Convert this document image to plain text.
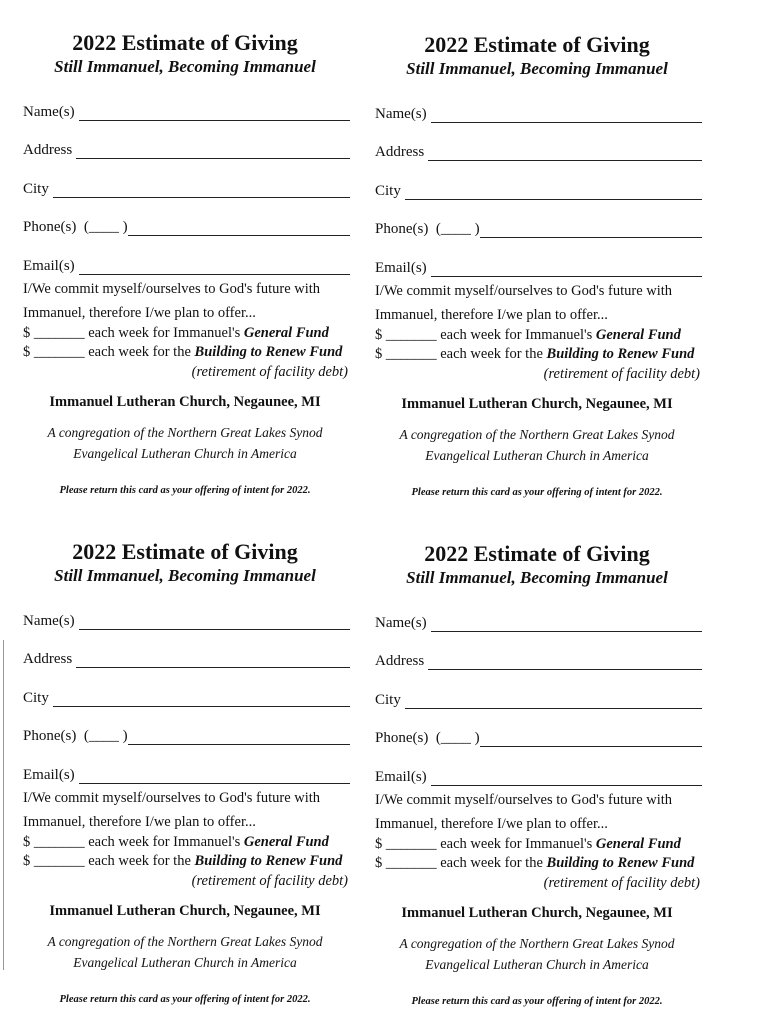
2022 Estimate of Giving

Still Immanuel, Becoming Immanuel

Name(s)
Address
City
Phone(s)  (____ )
Email(s)
I/We commit myself/ourselves to God's future with
Immanuel, therefore I/we plan to offer...
$ _______ each week for Immanuel's General Fund
$ _______ each week for the Building to Renew Fund
(retirement of facility debt)
Immanuel Lutheran Church, Negaunee, MI
A congregation of the Northern Great Lakes Synod
Evangelical Lutheran Church in America
Please return this card as your offering of intent for 2022.
2022 Estimate of Giving

Still Immanuel, Becoming Immanuel

Name(s)
Address
City
Phone(s)  (____ )
Email(s)
I/We commit myself/ourselves to God's future with
Immanuel, therefore I/we plan to offer...
$ _______ each week for Immanuel's General Fund
$ _______ each week for the Building to Renew Fund
(retirement of facility debt)
Immanuel Lutheran Church, Negaunee, MI
A congregation of the Northern Great Lakes Synod
Evangelical Lutheran Church in America
Please return this card as your offering of intent for 2022.
2022 Estimate of Giving

Still Immanuel, Becoming Immanuel

Name(s)
Address
City
Phone(s)  (____ )
Email(s)
I/We commit myself/ourselves to God's future with
Immanuel, therefore I/we plan to offer...
$ _______ each week for Immanuel's General Fund
$ _______ each week for the Building to Renew Fund
(retirement of facility debt)
Immanuel Lutheran Church, Negaunee, MI
A congregation of the Northern Great Lakes Synod
Evangelical Lutheran Church in America
Please return this card as your offering of intent for 2022.
2022 Estimate of Giving

Still Immanuel, Becoming Immanuel

Name(s)
Address
City
Phone(s)  (____ )
Email(s)
I/We commit myself/ourselves to God's future with
Immanuel, therefore I/we plan to offer...
$ _______ each week for Immanuel's General Fund
$ _______ each week for the Building to Renew Fund
(retirement of facility debt)
Immanuel Lutheran Church, Negaunee, MI
A congregation of the Northern Great Lakes Synod
Evangelical Lutheran Church in America
Please return this card as your offering of intent for 2022.
